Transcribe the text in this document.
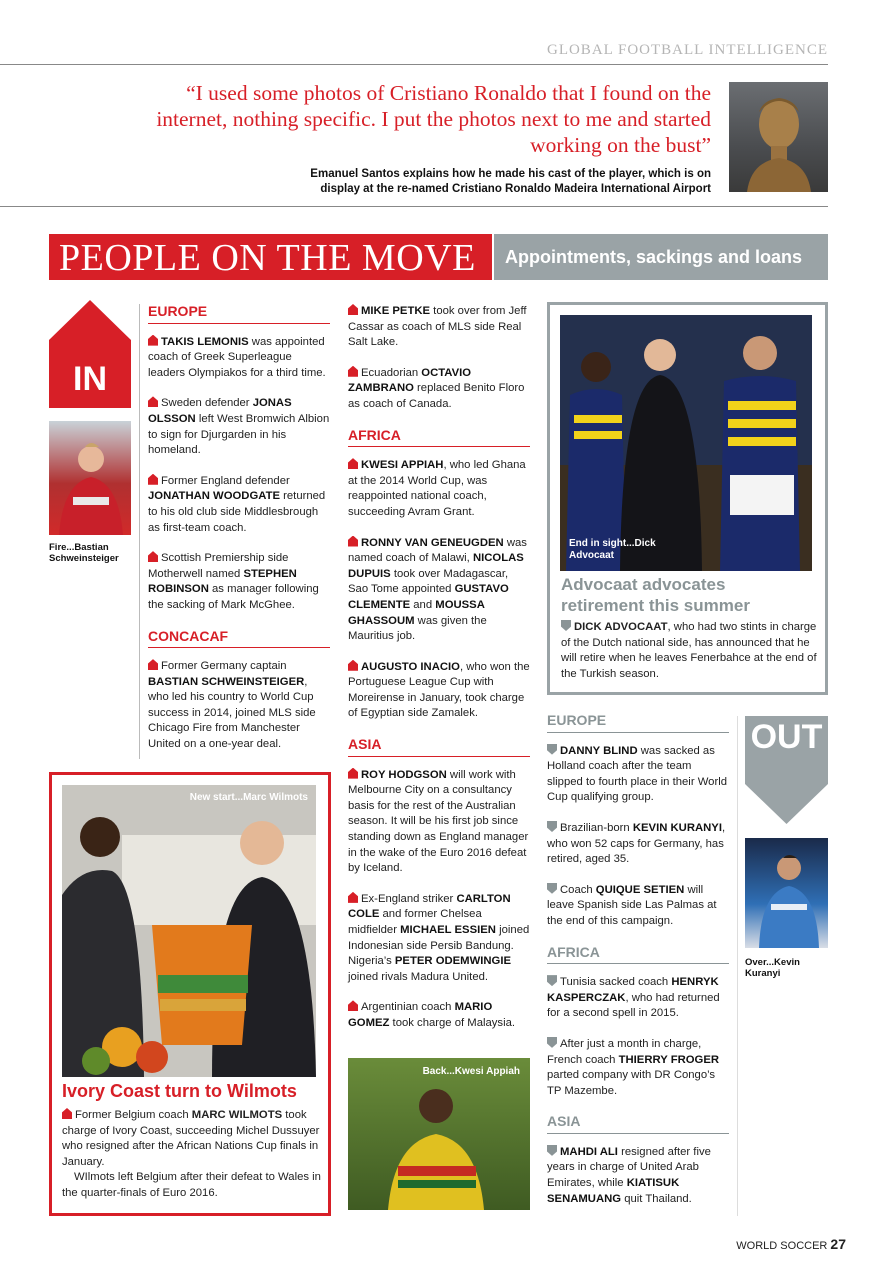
GLOBAL FOOTBALL INTELLIGENCE
“I used some photos of Cristiano Ronaldo that I found on the internet, nothing specific. I put the photos next to me and started working on the bust”
Emanuel Santos explains how he made his cast of the player, which is on display at the re-named Cristiano Ronaldo Madeira International Airport
PEOPLE ON THE MOVE	Appointments, sackings and loans
IN
Fire...Bastian Schweinsteiger
EUROPE

TAKIS LEMONIS was appointed coach of Greek Superleague leaders Olympiakos for a third time.

Sweden defender JONAS OLSSON left West Bromwich Albion to sign for Djurgarden in his homeland.

Former England defender JONATHAN WOODGATE returned to his old club side Middlesbrough as first-team coach.

Scottish Premiership side Motherwell named STEPHEN ROBINSON as manager following the sacking of Mark McGhee.

CONCACAF

Former Germany captain BASTIAN SCHWEINSTEIGER, who led his country to World Cup success in 2014, joined MLS side Chicago Fire from Manchester United on a one-year deal.

MIKE PETKE took over from Jeff Cassar as coach of MLS side Real Salt Lake.

Ecuadorian OCTAVIO ZAMBRANO replaced Benito Floro as coach of Canada.

AFRICA

KWESI APPIAH, who led Ghana at the 2014 World Cup, was reappointed national coach, succeeding Avram Grant.

RONNY VAN GENEUGDEN was named coach of Malawi, NICOLAS DUPUIS took over Madagascar, Sao Tome appointed GUSTAVO CLEMENTE and MOUSSA GHASSOUM was given the Mauritius job.

AUGUSTO INACIO, who won the Portuguese League Cup with Moreirense in January, took charge of Egyptian side Zamalek.

ASIA

ROY HODGSON will work with Melbourne City on a consultancy basis for the rest of the Australian season. It will be his first job since standing down as England manager in the wake of the Euro 2016 defeat by Iceland.

Ex-England striker CARLTON COLE and former Chelsea midfielder MICHAEL ESSIEN joined Indonesian side Persib Bandung. Nigeria’s PETER ODEMWINGIE joined rivals Madura United.

Argentinian coach MARIO GOMEZ took charge of Malaysia.

Back...Kwesi Appiah
New start...Marc Wilmots
Ivory Coast turn to Wilmots
Former Belgium coach MARC WILMOTS took charge of Ivory Coast, succeeding Michel Dussuyer who resigned after the African Nations Cup finals in January.
WIlmots left Belgium after their defeat to Wales in the quarter-finals of Euro 2016.
End in sight...Dick Advocaat
Advocaat advocates retirement this summer
DICK ADVOCAAT, who had two stints in charge of the Dutch national side, has announced that he will retire when he leaves Fenerbahce at the end of the Turkish season.
EUROPE

DANNY BLIND was sacked as Holland coach after the team slipped to fourth place in their World Cup qualifying group.

Brazilian-born KEVIN KURANYI, who won 52 caps for Germany, has retired, aged 35.

Coach QUIQUE SETIEN will leave Spanish side Las Palmas at the end of this campaign.

AFRICA

Tunisia sacked coach HENRYK KASPERCZAK, who had returned for a second spell in 2015.

After just a month in charge, French coach THIERRY FROGER parted company with DR Congo’s TP Mazembe.

ASIA

MAHDI ALI resigned after five years in charge of United Arab Emirates, while KIATISUK SENAMUANG quit Thailand.

OUT
Over...Kevin Kuranyi
WORLD SOCCER 27
